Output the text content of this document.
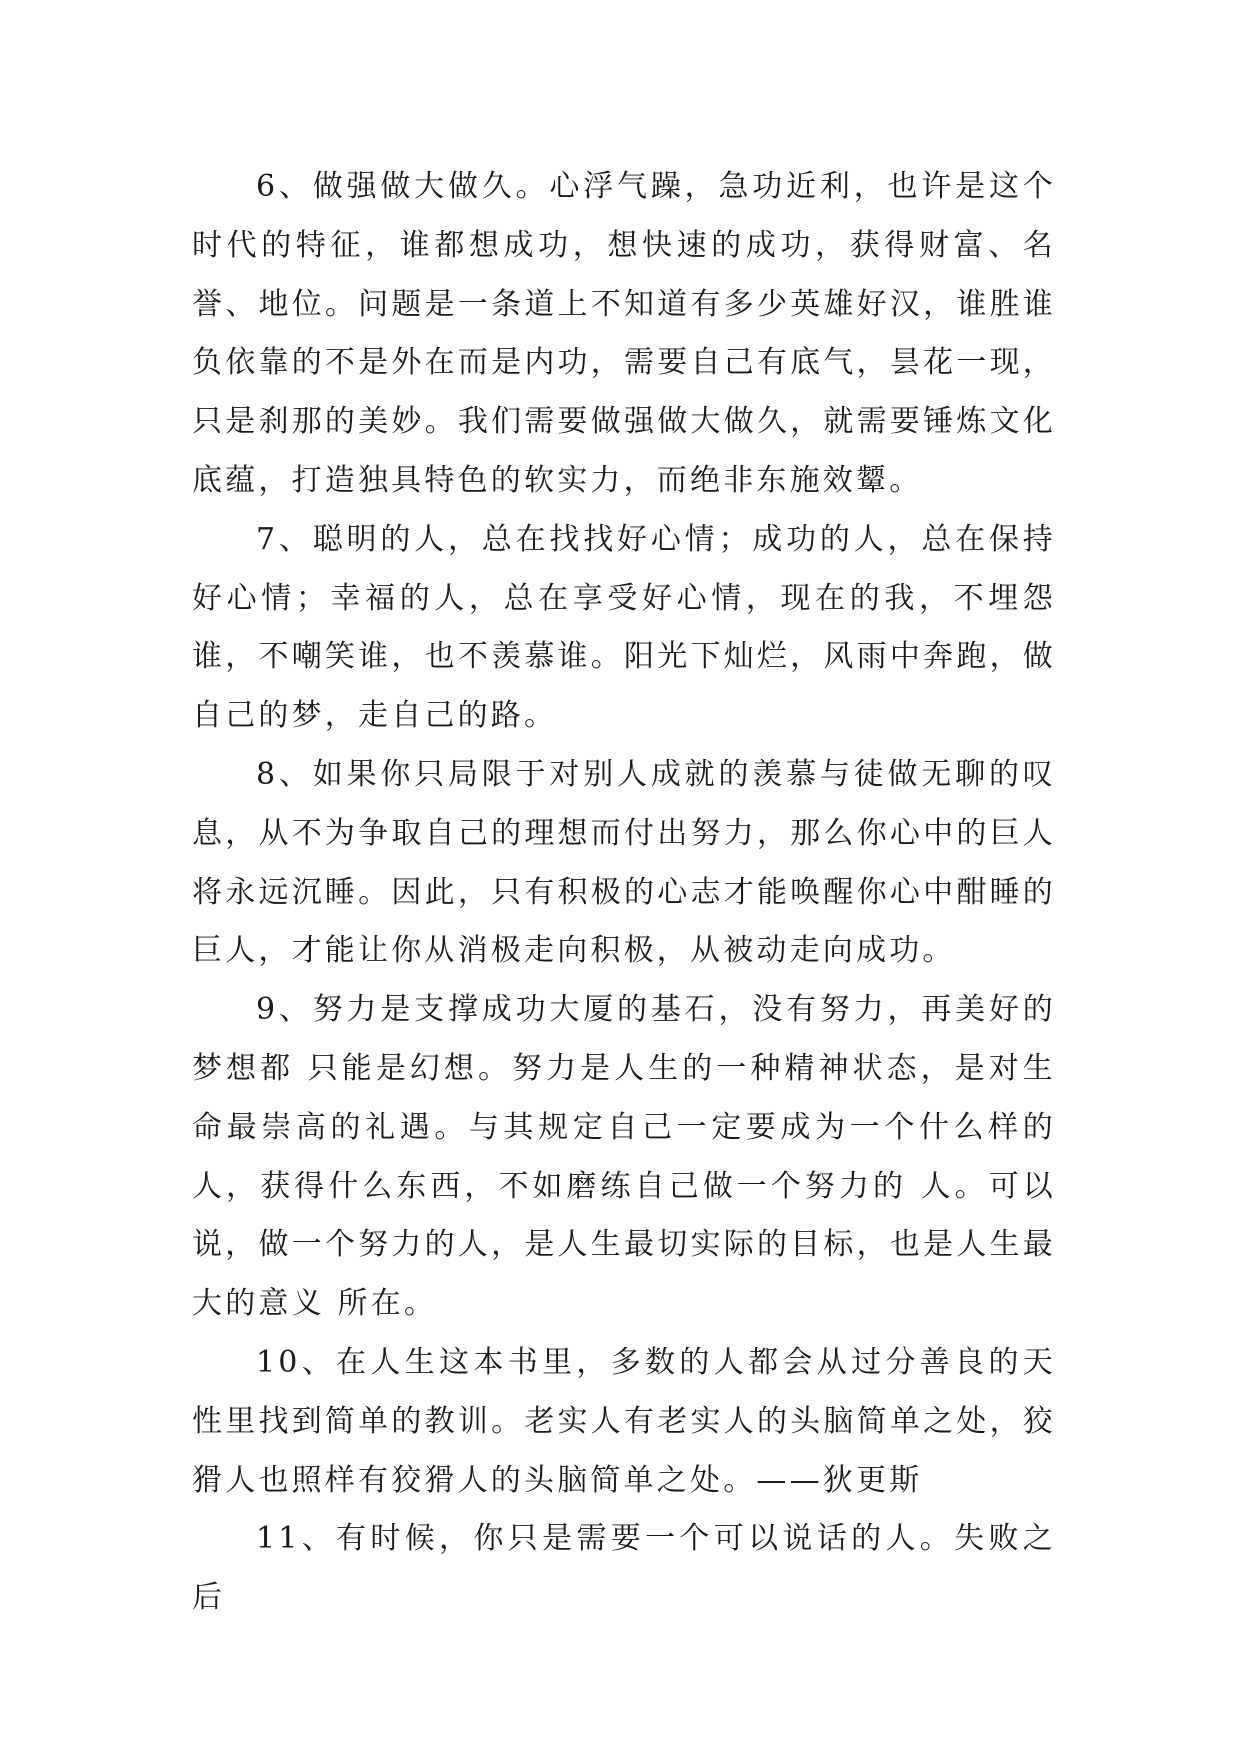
6、做强做大做久。心浮气躁，急功近利，也许是这个时代的特征，谁都想成功，想快速的成功，获得财富、名誉、地位。问题是一条道上不知道有多少英雄好汉，谁胜谁负依靠的不是外在而是内功，需要自己有底气，昙花一现，只是刹那的美妙。我们需要做强做大做久，就需要锤炼文化底蕴，打造独具特色的软实力，而绝非东施效颦。

7、聪明的人，总在找找好心情；成功的人，总在保持好心情；幸福的人，总在享受好心情，现在的我，不埋怨谁，不嘲笑谁，也不羡慕谁。阳光下灿烂，风雨中奔跑，做自己的梦，走自己的路。

8、如果你只局限于对别人成就的羡慕与徒做无聊的叹息，从不为争取自己的理想而付出努力，那么你心中的巨人将永远沉睡。因此，只有积极的心志才能唤醒你心中酣睡的巨人，才能让你从消极走向积极，从被动走向成功。

9、努力是支撑成功大厦的基石，没有努力，再美好的梦想都 只能是幻想。努力是人生的一种精神状态，是对生命最崇高的礼遇。与其规定自己一定要成为一个什么样的人，获得什么东西，不如磨练自己做一个努力的 人。可以说，做一个努力的人，是人生最切实际的目标，也是人生最大的意义 所在。

10、在人生这本书里，多数的人都会从过分善良的天性里找到简单的教训。老实人有老实人的头脑简单之处，狡猾人也照样有狡猾人的头脑简单之处。——狄更斯

11、有时候，你只是需要一个可以说话的人。失败之后
